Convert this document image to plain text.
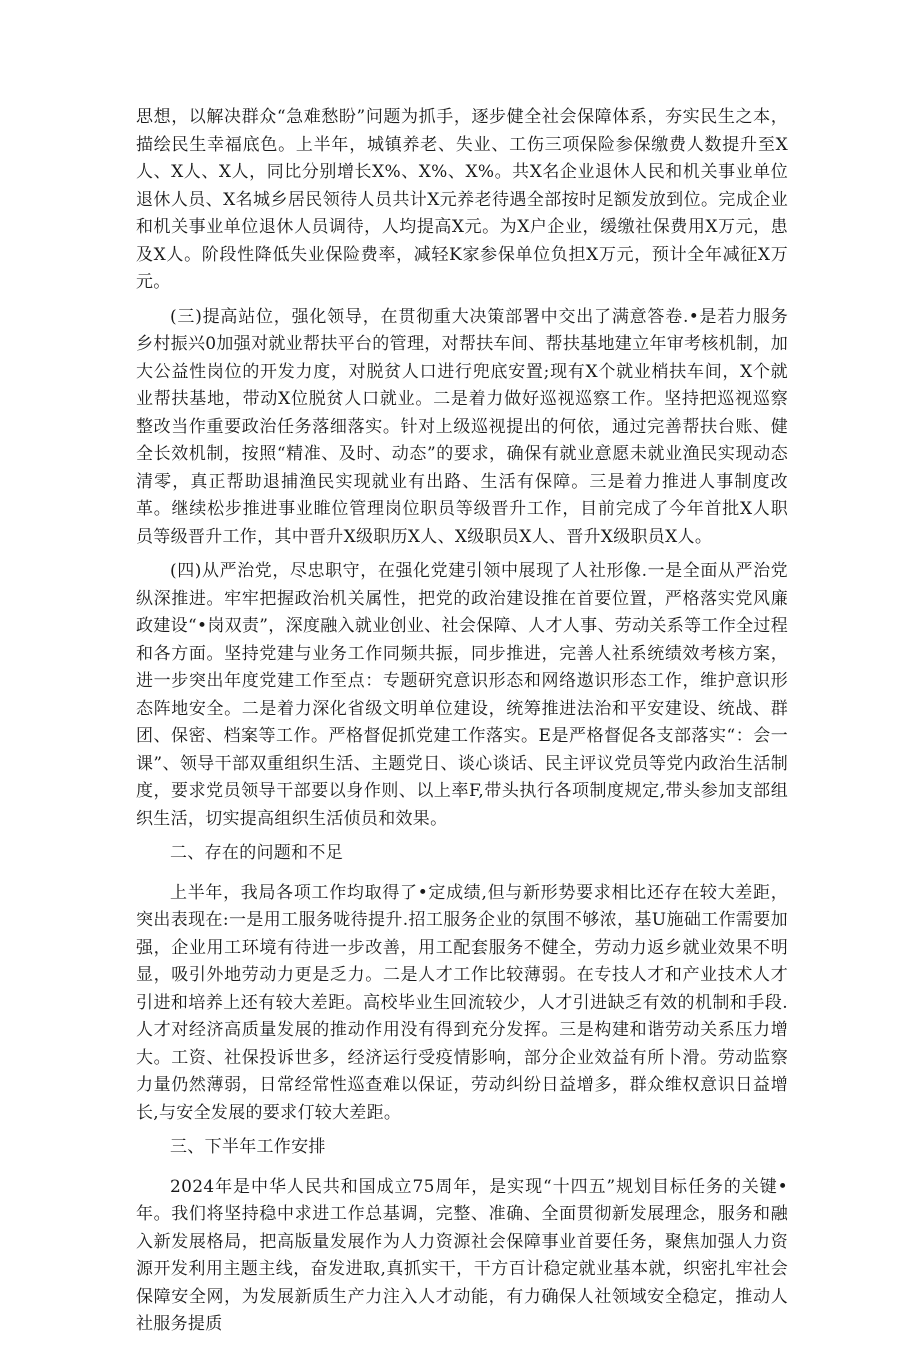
思想，以解决群众“急难愁盼”问题为抓手，逐步健全社会保障体系，夯实民生之本，描绘民生幸福底色。上半年，城镇养老、失业、工伤三项保险参保缴费人数提升至X人、X人、X人，同比分别增长X%、X%、X%。共X名企业退休人民和机关事业单位退休人员、X名城乡居民领待人员共计X元养老待遇全部按时足额发放到位。完成企业和机关事业单位退休人员调待，人均提高X元。为X户企业，缓缴社保费用X万元，患及X人。阶段性降低失业保险费率，减轻K家参保单位负担X万元，预计全年减征X万元。

(三)提高站位，强化领导，在贯彻重大决策部署中交出了满意答卷.•是若力服务乡村振兴0加强对就业帮扶平台的管理，对帮扶车间、帮扶基地建立年审考核机制，加大公益性岗位的开发力度，对脱贫人口进行兜底安置;现有X个就业梢扶车间，X个就业帮扶基地，带动X位脱贫人口就业。二是着力做好巡视巡察工作。坚持把巡视巡察整改当作重要政治任务落细落实。针对上级巡视提出的何依，通过完善帮扶台账、健全长效机制，按照“精准、及时、动态”的要求，确保有就业意愿未就业渔民实现动态清零，真正帮助退捕渔民实现就业有出路、生活有保障。三是着力推进人事制度改革。继续松步推进事业睢位管理岗位职员等级晋升工作，目前完成了今年首批X人职员等级晋升工作，其中晋升X级职历X人、X级职员X人、晋升X级职员X人。

(四)从严治党，尽忠职守，在强化党建引领中展现了人社形像.一是全面从严治党纵深推进。牢牢把握政治机关属性，把党的政治建设推在首要位置，严格落实党风廉政建设“•岗双责”，深度融入就业创业、社会保障、人才人事、劳动关系等工作全过程和各方面。坚持党建与业务工作同频共振，同步推进，完善人社系统绩效考核方案，进一步突出年度党建工作至点：专题研究意识形态和网络遨识形态工作，维护意识形态阵地安全。二是着力深化省级文明单位建设，统筹推进法治和平安建设、统战、群团、保密、档案等工作。严格督促抓党建工作落实。E是严格督促各支部落实“：会一课”、领导干部双重组织生活、主题党日、谈心谈话、民主评议党员等党内政治生活制度，要求党员领导干部要以身作则、以上率F,带头执行各项制度规定,带头参加支部组织生活，切实提高组织生活侦员和效果。

二、存在的问题和不足

上半年，我局各项工作均取得了•定成绩,但与新形势要求相比还存在较大差距，突出表现在:一是用工服务咙待提升.招工服务企业的氛围不够浓，基U施础工作需要加强，企业用工环境有待进一步改善，用工配套服务不健全，劳动力返乡就业效果不明显，吸引外地劳动力更是乏力。二是人才工作比较薄弱。在专技人才和产业技术人才引进和培养上还有较大差距。高校毕业生回流较少，人才引进缺乏有效的机制和手段.人才对经济高质量发展的推动作用没有得到充分发挥。三是构建和谐劳动关系压力增大。工资、社保投诉世多，经济运行受疫情影响，部分企业效益有所卜滑。劳动监察力量仍然薄弱，日常经常性巡查难以保证，劳动纠纷日益增多，群众维权意识日益增长,与安全发展的要求仃较大差距。

三、下半年工作安排

2024年是中华人民共和国成立75周年，是实现“十四五”规划目标任务的关键•年。我们将坚持稳中求进工作总基调，完整、准确、全面贯彻新发展理念，服务和融入新发展格局，把高版量发展作为人力资源社会保障事业首要任务，聚焦加强人力资源开发利用主题主线，奋发进取,真抓实干，干方百计稳定就业基本就，织密扎牢社会保障安全网，为发展新质生产力注入人才动能，有力确保人社领域安全稳定，推动人社服务提质
